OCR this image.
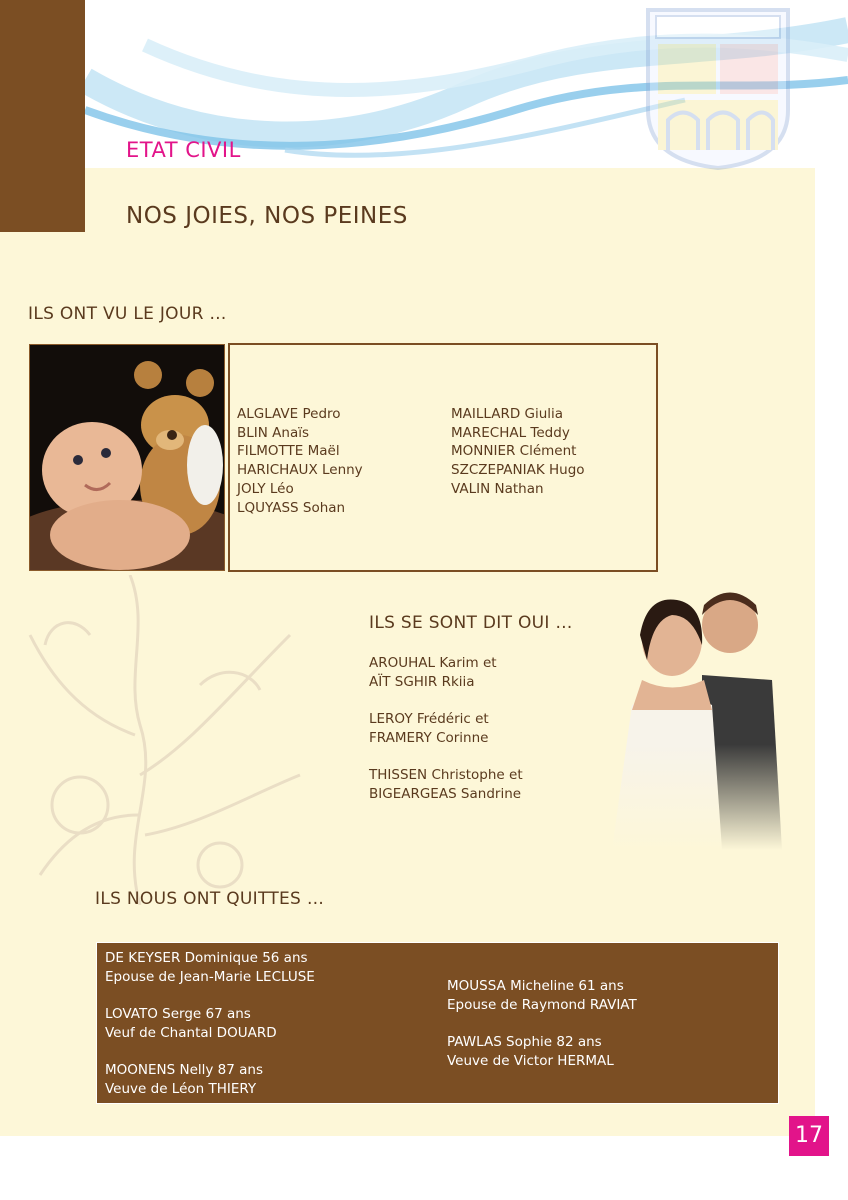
ETAT CIVIL
NOS JOIES, NOS PEINES
ILS ONT VU LE JOUR …
ALGLAVE Pedro
BLIN Anaïs
FILMOTTE Maël
HARICHAUX Lenny
JOLY Léo
LQUYASS Sohan
MAILLARD Giulia
MARECHAL Teddy
MONNIER Clément
SZCZEPANIAK Hugo
VALIN Nathan
ILS SE SONT DIT OUI …
AROUHAL Karim et
AÏT SGHIR Rkiia
LEROY Frédéric et
FRAMERY Corinne
THISSEN Christophe et
BIGEARGEAS Sandrine
ILS NOUS ONT QUITTES …
DE KEYSER Dominique 56 ans
Epouse de Jean-Marie LECLUSE
LOVATO Serge 67 ans
Veuf de Chantal DOUARD
MOONENS Nelly 87 ans
Veuve de Léon THIERY
MOUSSA Micheline 61 ans
Epouse de Raymond RAVIAT
PAWLAS Sophie 82 ans
Veuve de Victor HERMAL
17
